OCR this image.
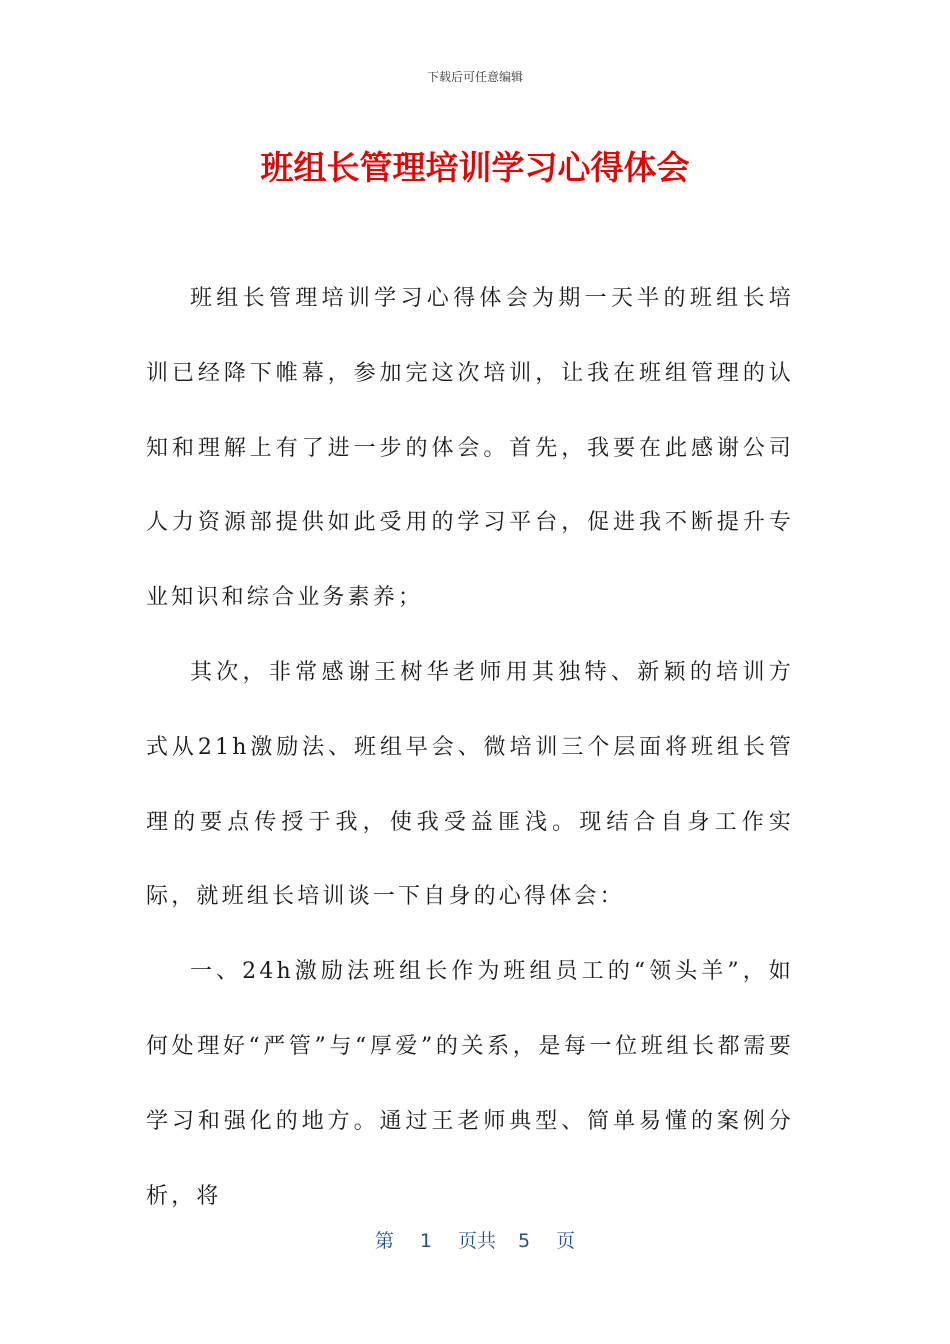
下载后可任意编辑
班组长管理培训学习心得体会

班组长管理培训学习心得体会为期一天半的班组长培训已经降下帷幕，参加完这次培训，让我在班组管理的认知和理解上有了进一步的体会。首先，我要在此感谢公司人力资源部提供如此受用的学习平台，促进我不断提升专业知识和综合业务素养；

其次，非常感谢王树华老师用其独特、新颖的培训方式从21h激励法、班组早会、微培训三个层面将班组长管理的要点传授于我，使我受益匪浅。现结合自身工作实际，就班组长培训谈一下自身的心得体会：

一、24h激励法班组长作为班组员工的“领头羊”，如何处理好“严管”与“厚爱”的关系，是每一位班组长都需要学习和强化的地方。通过王老师典型、简单易懂的案例分析，将

第 1 页共 5 页
